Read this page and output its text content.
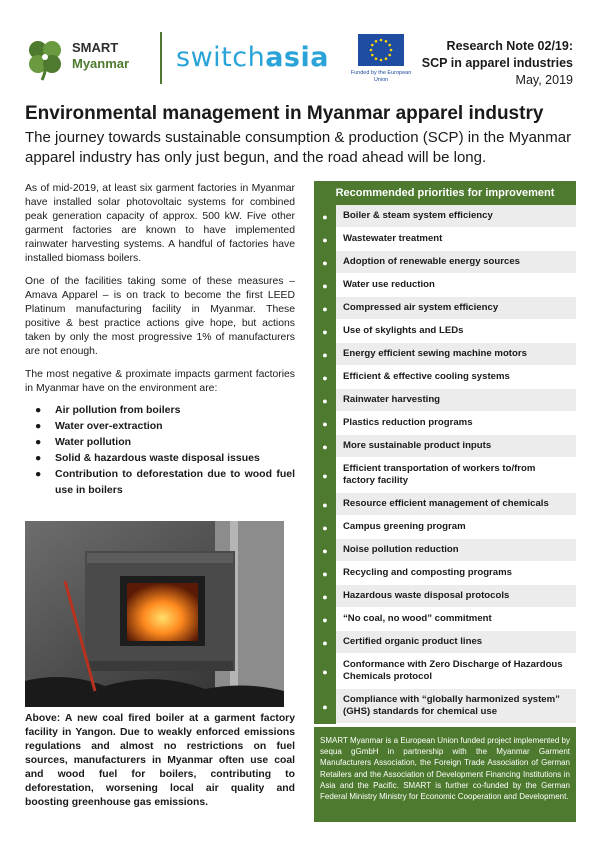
SMART
Myanmar switchasia	Funded by the European Union
Research Note 02/19:
SCP in apparel industries
May, 2019
Environmental management in Myanmar apparel industry

The journey towards sustainable consumption & production (SCP) in the Myanmar apparel industry has only just begun, and the road ahead will be long.

As of mid-2019, at least six garment factories in Myanmar have installed solar photovoltaic systems for combined peak generation capacity of approx. 500 kW. Five other garment factories are known to have implemented rainwater harvesting systems. A handful of factories have installed biomass boilers.

One of the facilities taking some of these measures – Amava Apparel – is on track to become the first LEED Platinum manufacturing facility in Myanmar. These positive & best practice actions give hope, but actions taken by only the most progressive 1% of manufacturers are not enough.

The most negative & proximate impacts garment factories in Myanmar have on the environment are:

● Air pollution from boilers
● Water over-extraction
● Water pollution
● Solid & hazardous waste disposal issues
● Contribution to deforestation due to wood fuel use in boilers

Above: A new coal fired boiler at a garment factory facility in Yangon. Due to weakly enforced emissions regulations and almost no restrictions on fuel sources, manufacturers in Myanmar often use coal and wood fuel for boilers, contributing to deforestation, worsening local air quality and boosting greenhouse gas emissions.

Recommended priorities for improvement
●	Boiler & steam system efficiency
●	Wastewater treatment
●	Adoption of renewable energy sources
●	Water use reduction
●	Compressed air system efficiency
●	Use of skylights and LEDs
●	Energy efficient sewing machine motors
●	Efficient & effective cooling systems
●	Rainwater harvesting
●	Plastics reduction programs
●	More sustainable product inputs
●
Efficient transportation of workers to/from factory facility
●	Resource efficient management of chemicals
●	Campus greening program
●	Noise pollution reduction
●	Recycling and composting programs
●	Hazardous waste disposal protocols
●	“No coal, no wood” commitment
●	Certified organic product lines
●
Conformance with Zero Discharge of Hazardous Chemicals protocol
●
Compliance with “globally harmonized system” (GHS) standards for chemical use
SMART Myanmar is a European Union funded project implemented by sequa gGmbH in partnership with the Myanmar Garment Manufacturers Association, the Foreign Trade Association of German Retailers and the Association of Development Financing Institutions in Asia and the Pacific. SMART is further co-funded by the German Federal Ministry Ministry for Economic Cooperation and Development.
